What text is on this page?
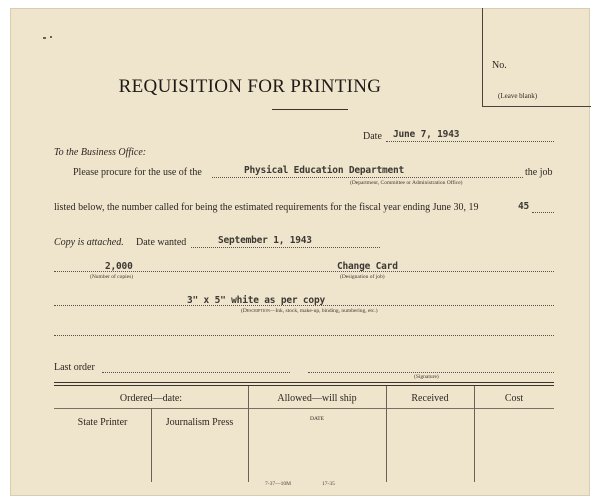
REQUISITION FOR PRINTING
No.
(Leave blank)
Date June 7, 1943
To the Business Office:
Please procure for the use of the	Physical Education Department	the job
(Department, Committee or Administration Office)
listed below, the number called for being the estimated requirements for the fiscal year ending June 30, 19	45
Copy is attached. Date wanted	September 1, 1943
2,000	Change Card
(Number of copies)	(Designation of job)
3" x 5" white as per copy
(Description—Ink, stock, make-up, binding, numbering, etc.)
Last order
(Signature)
Ordered—date:	Allowed—will ship	Received	Cost
State Printer	Journalism Press	DATE
7-37—10M	17-35
